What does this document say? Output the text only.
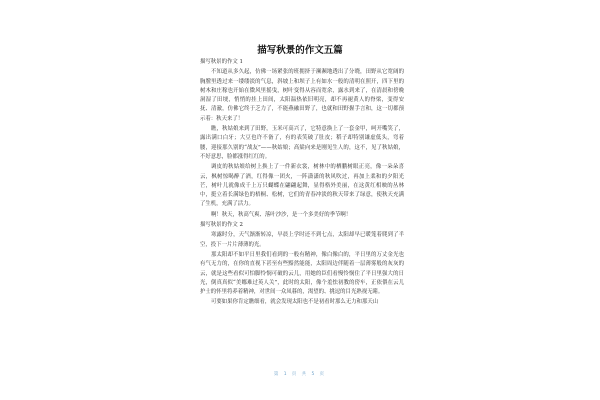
描写秋景的作文五篇

描写秋景的作文 1

不知道从多久起，仿佛一场紧张的班拥挤于濒濒地透出了分晓，田野从它宽阔的胸膛里透过来一缕缕淡的气息，斜坡上和坝子上有如水一般的清明在照开，四下里的树木和庄稼也开始在微风里摇曳，树叶变得从容而宽余，露水到来了，在清晨和傍晚洞湿了田埂，悄悄的挂上田间，太阳温热依旧明亮，却不再褪黄人的脊梁，变得安抚、清澈，仿佛它终于乏力了，不能燕融田野了，也就和田野握手言和，这一切都预示着：秋天来了！

瞧，秋姑娘来到了田野，玉米可高兴了，它特意换上了一套金甲，呵开嘴笑了，露出满口白牙；大豆也许不备了，有的表笑破了肚皮；稻子却特别谦虚低头，弯着腰，迎接那久别的“战友”——秋姑娘；高粱向来是刚见生人的，这不，见了秋姑娘，不好意思，脸都涨得红红的。

调皮的秋姑娘给树上换上了一件新衣裳，树林中的栖鹏树眼正亮，像一朵朵喜云，枫树惊喝醉了酒，红得像一团火，一阵潇潇的秋风吹过，再加上柔和的夕阳光芒，树叶儿就像成千上万只蝴蝶在翩翩起舞，显得格外美丽，在这黄红相映的丛林中，挺立着长满绿色的梧桐、松树，它们的青春冲淡的秋天带来了绿意，使秋天充满了生机，充满了活力。

啊！秋天，秋高气爽、落叶沙沙，是一个多美好的季节啊！

描写秋景的作文 2

寒露时分，天气渐渐转凉，早晨上学时还不到七点，太阳却早已暖笼着爬到了半空，投下一片片薄薄的光。

那太阳却不如平日里我们看到的一般有精神，像白像白的，平日里的万丈金光也有气无力的，在你的直视下甚至有些黯然能能，太阳周边伴随着一层薄雾般的灰灰的云，就是这些看似可怕脚怜悯可破的云儿，用她的臣们看慢怜悯住了平日里强大的日光，倒真真似“美娜难过英人关”，此时的太阳，像个羞怯初教的傍车，正依偎在云儿护士的怀里将养着精神，对世间一众凤暮的，渴望的、挑逗的目光熟视无睹。

可要如果你肯定瞧细看，就会发现太阳也不是初看时那么无力和那天山

第 1 页 共 5 页
